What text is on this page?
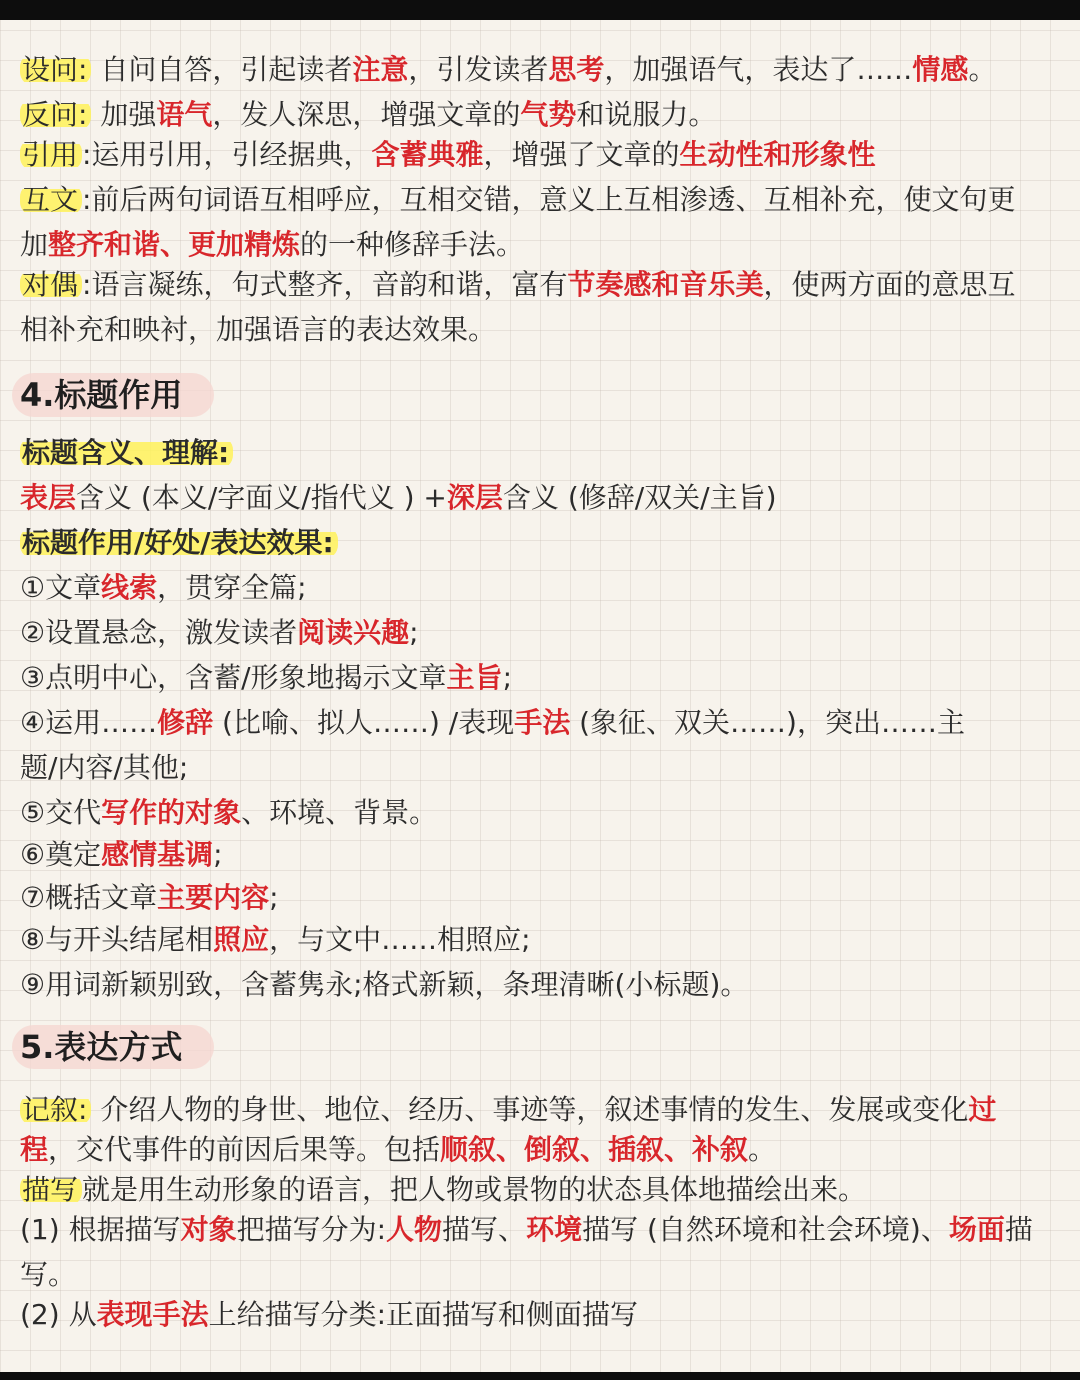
设问: 自问自答，引起读者注意，引发读者思考，加强语气，表达了……情感。
反问: 加强语气，发人深思，增强文章的气势和说服力。
引用 :运用引用，引经据典，含蓄典雅，增强了文章的生动性和形象性
互文 :前后两句词语互相呼应，互相交错，意义上互相渗透、互相补充，使文句更
加整齐和谐、更加精炼的一种修辞手法。
对偶 :语言凝练，句式整齐，音韵和谐，富有节奏感和音乐美，使两方面的意思互
相补充和映衬，加强语言的表达效果。
4.标题作用
标题含义、理解:
表层含义 (本义/字面义/指代义 ) +深层含义 (修辞/双关/主旨)
标题作用/好处/表达效果:
①文章线索，贯穿全篇;
②设置悬念，激发读者阅读兴趣;
③点明中心，含蓄/形象地揭示文章主旨;
④运用……修辞 (比喻、拟人……) /表现手法 (象征、双关……)，突出……主
题/内容/其他;
⑤交代写作的对象、环境、背景。
⑥奠定感情基调;
⑦概括文章主要内容;
⑧与开头结尾相照应，与文中……相照应;
⑨用词新颖别致，含蓄隽永;格式新颖，条理清晰(小标题)。
5.表达方式
记叙: 介绍人物的身世、地位、经历、事迹等，叙述事情的发生、发展或变化过
程，交代事件的前因后果等。包括顺叙、倒叙、插叙、补叙。
描写 就是用生动形象的语言，把人物或景物的状态具体地描绘出来。
(1) 根据描写对象把描写分为:人物描写、环境描写 (自然环境和社会环境)、场面描
写。
(2) 从表现手法上给描写分类:正面描写和侧面描写
